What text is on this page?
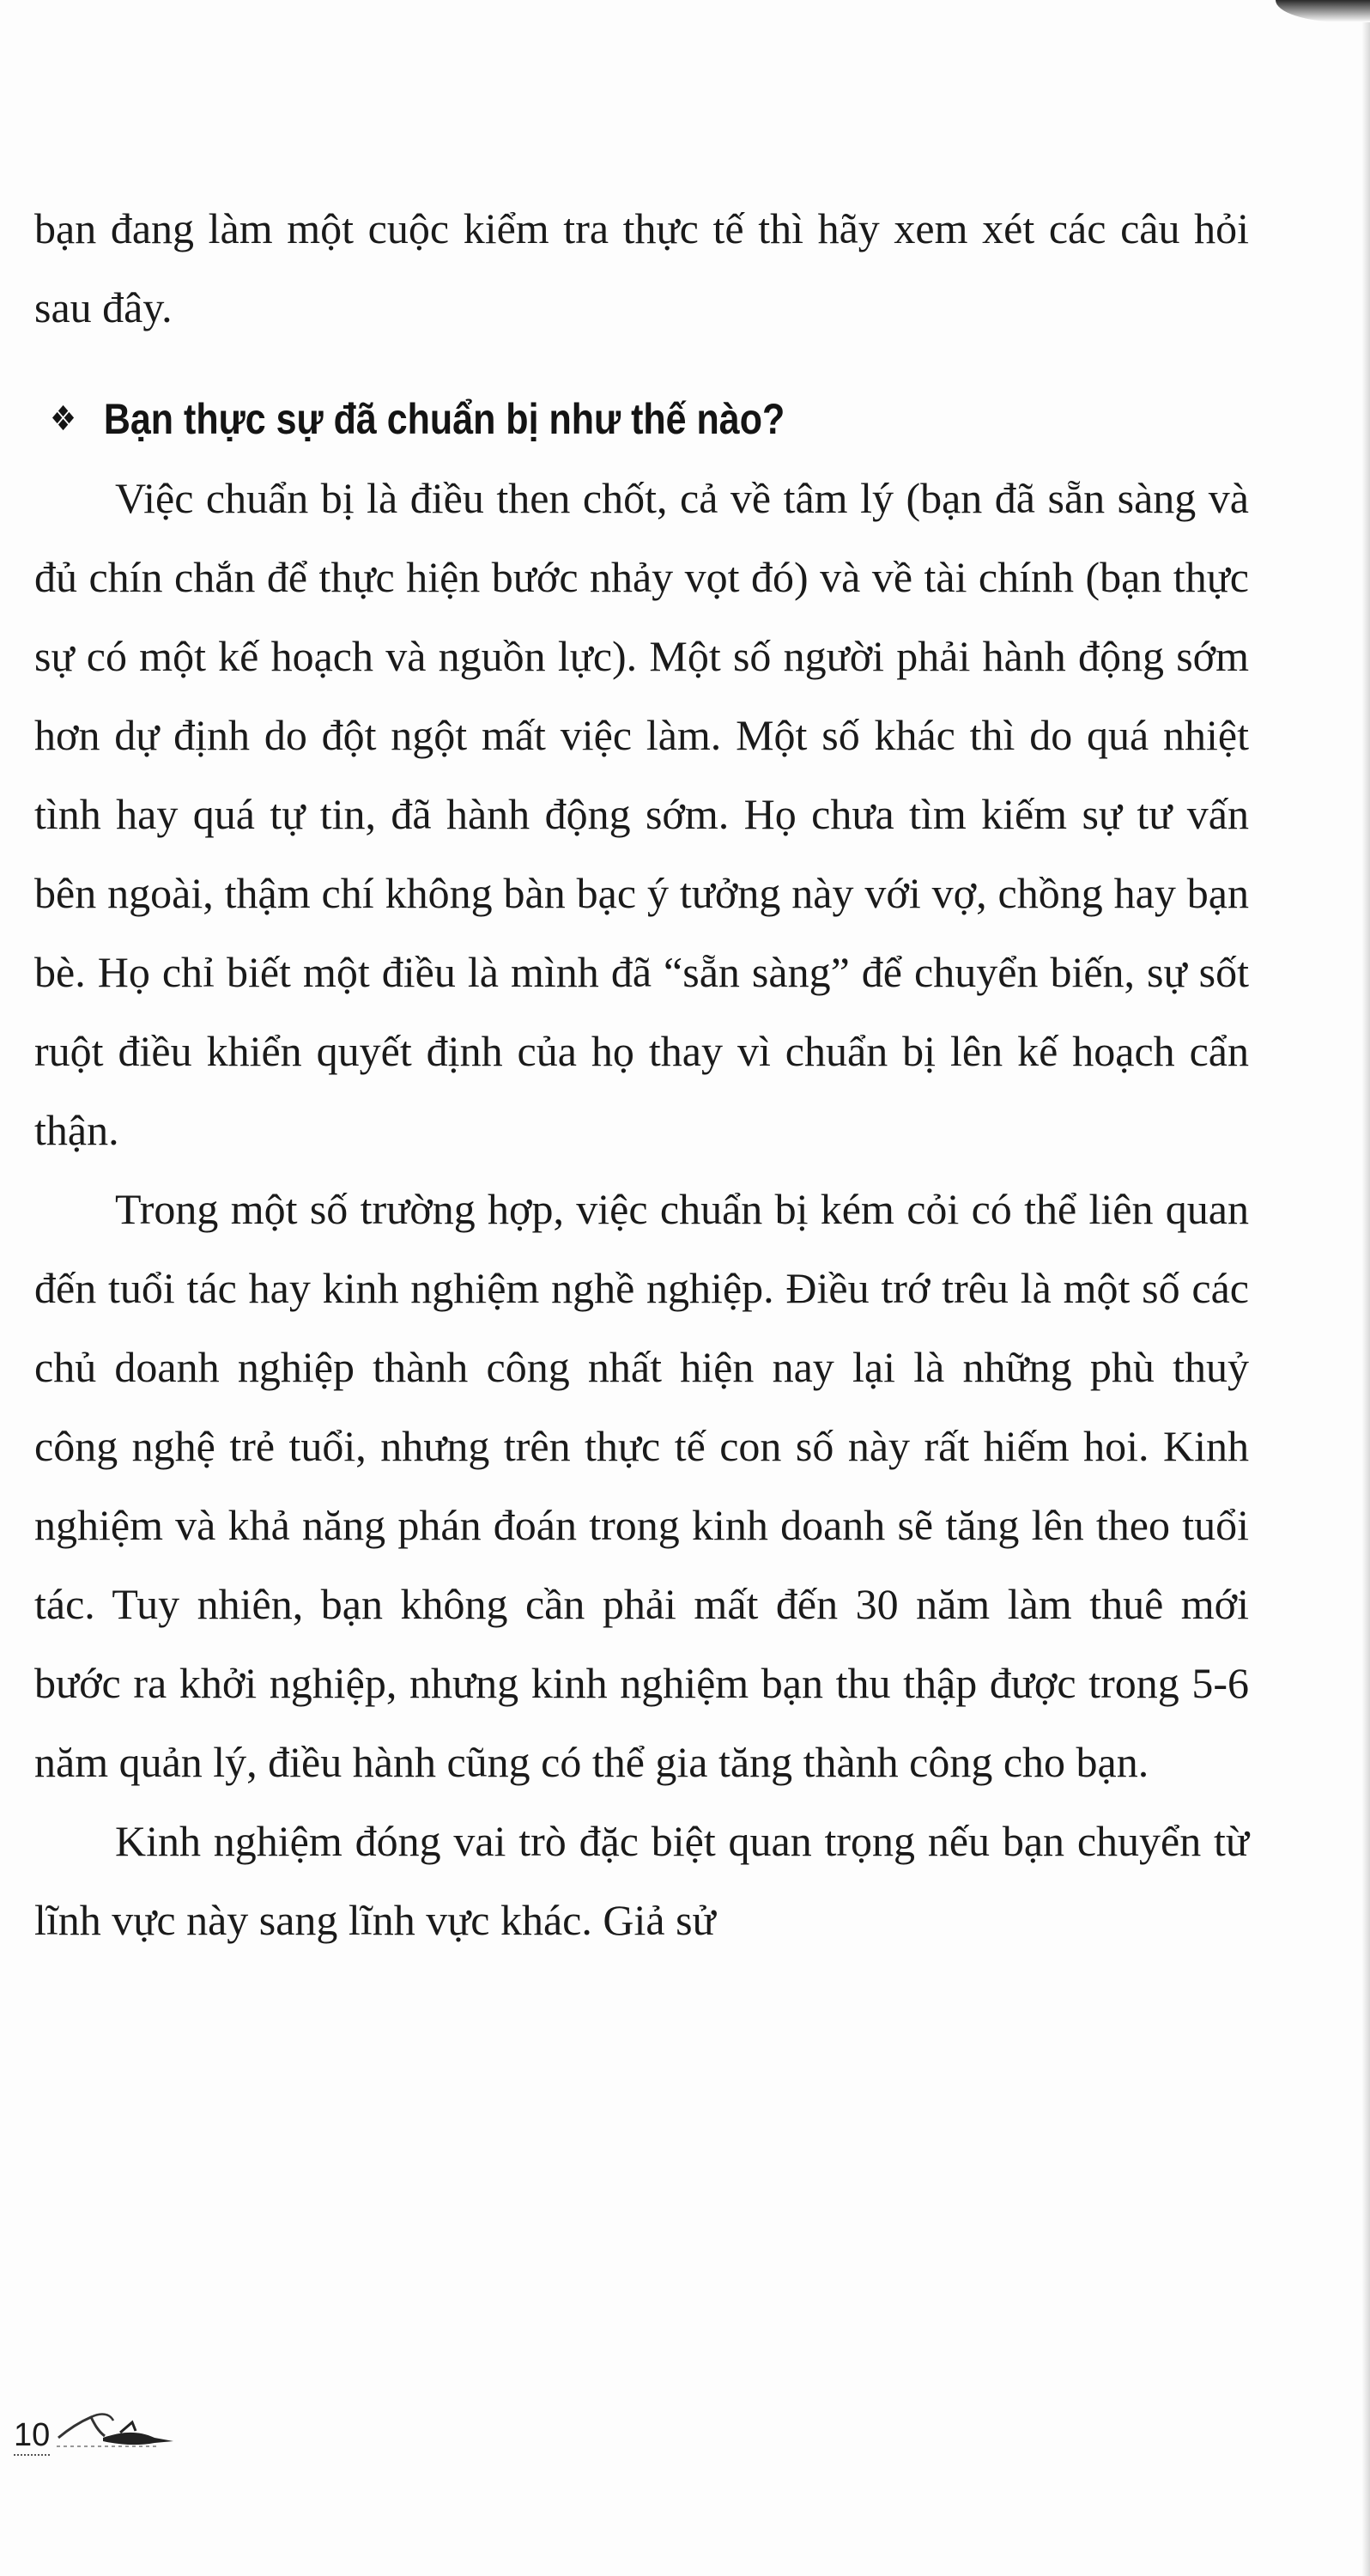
bạn đang làm một cuộc kiểm tra thực tế thì hãy xem xét các câu hỏi sau đây.

❖ Bạn thực sự đã chuẩn bị như thế nào?

Việc chuẩn bị là điều then chốt, cả về tâm lý (bạn đã sẵn sàng và đủ chín chắn để thực hiện bước nhảy vọt đó) và về tài chính (bạn thực sự có một kế hoạch và nguồn lực). Một số người phải hành động sớm hơn dự định do đột ngột mất việc làm. Một số khác thì do quá nhiệt tình hay quá tự tin, đã hành động sớm. Họ chưa tìm kiếm sự tư vấn bên ngoài, thậm chí không bàn bạc ý tưởng này với vợ, chồng hay bạn bè. Họ chỉ biết một điều là mình đã “sẵn sàng” để chuyển biến, sự sốt ruột điều khiển quyết định của họ thay vì chuẩn bị lên kế hoạch cẩn thận.

Trong một số trường hợp, việc chuẩn bị kém cỏi có thể liên quan đến tuổi tác hay kinh nghiệm nghề nghiệp. Điều trớ trêu là một số các chủ doanh nghiệp thành công nhất hiện nay lại là những phù thuỷ công nghệ trẻ tuổi, nhưng trên thực tế con số này rất hiếm hoi. Kinh nghiệm và khả năng phán đoán trong kinh doanh sẽ tăng lên theo tuổi tác. Tuy nhiên, bạn không cần phải mất đến 30 năm làm thuê mới bước ra khởi nghiệp, nhưng kinh nghiệm bạn thu thập được trong 5-6 năm quản lý, điều hành cũng có thể gia tăng thành công cho bạn.

Kinh nghiệm đóng vai trò đặc biệt quan trọng nếu bạn chuyển từ lĩnh vực này sang lĩnh vực khác. Giả sử

10
